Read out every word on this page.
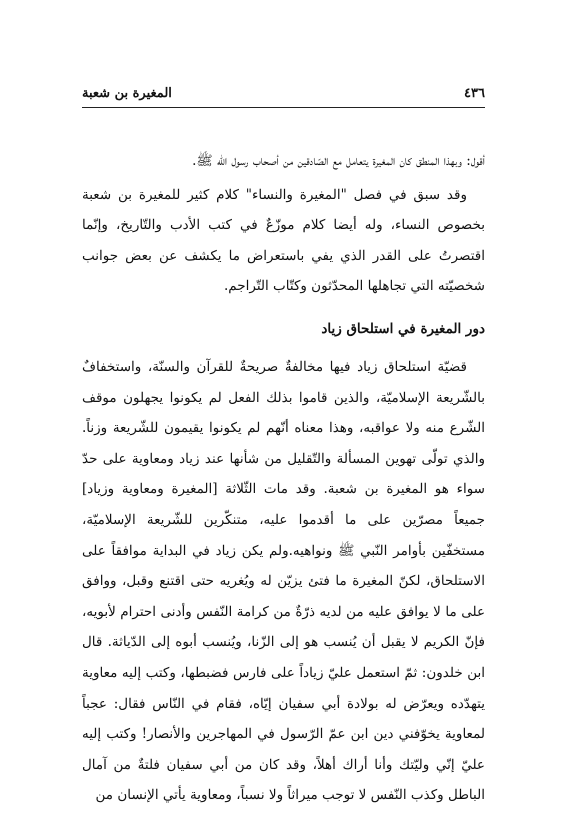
٤٣٦
المغيرة بن شعبة

أقول: وبهذا المنطق كان المغيرة يتعامل مع الصّادقين من أصحاب رسول الله ﷺ.

وقد سبق في فصل "المغيرة والنساء" كلام كثير للمغيرة بن شعبة بخصوص النساء، وله أيضا كلام موزّعٌ في كتب الأدب والتّاريخ، وإنّما اقتصرتُ على القدر الذي يفي باستعراض ما يكشف عن بعض جوانب شخصيّته التي تجاهلها المحدّثون وكتّاب التّراجم.

دور المغيرة في استلحاق زياد

قضيّة استلحاق زياد فيها مخالفةٌ صريحةٌ للقرآن والسنّة، واستخفافٌ بالشّريعة الإسلاميّة، والذين قاموا بذلك الفعل لم يكونوا يجهلون موقف الشّرع منه ولا عواقبه، وهذا معناه أنّهم لم يكونوا يقيمون للشّريعة وزناً. والذي تولّى تهوين المسألة والتّقليل من شأنها عند زياد ومعاوية على حدّ سواء هو المغيرة بن شعبة. وقد مات الثّلاثة [المغيرة ومعاوية وزياد] جميعاً مصرّين على ما أقدموا عليه، متنكّرين للشّريعة الإسلاميّة، مستخفّين بأوامر النّبي ﷺ ونواهيه.ولم يكن زياد في البداية موافقاً على الاستلحاق، لكنّ المغيرة ما فتئ يزيّن له ويُغريه حتى اقتنع وقبل، ووافق على ما لا يوافق عليه من لديه ذرّةٌ من كرامة النّفس وأدنى احترام لأبويه، فإنّ الكريم لا يقبل أن يُنسب هو إلى الزّنا، ويُنسب أبوه إلى الدّياثة. قال ابن خلدون: ثمّ استعمل عليّ زياداً على فارس فضبطها، وكتب إليه معاوية يتهدّده ويعرّض له بولادة أبي سفيان إيّاه، فقام في النّاس فقال: عجباً لمعاوية يخوّفني دين ابن عمّ الرّسول في المهاجرين والأنصار! وكتب إليه عليّ إنّي وليّتك وأنا أراك أهلاً، وقد كان من أبي سفيان فلتةٌ من آمال الباطل وكذب النّفس لا توجب ميراثاً ولا نسباً، ومعاوية يأتي الإنسان من
